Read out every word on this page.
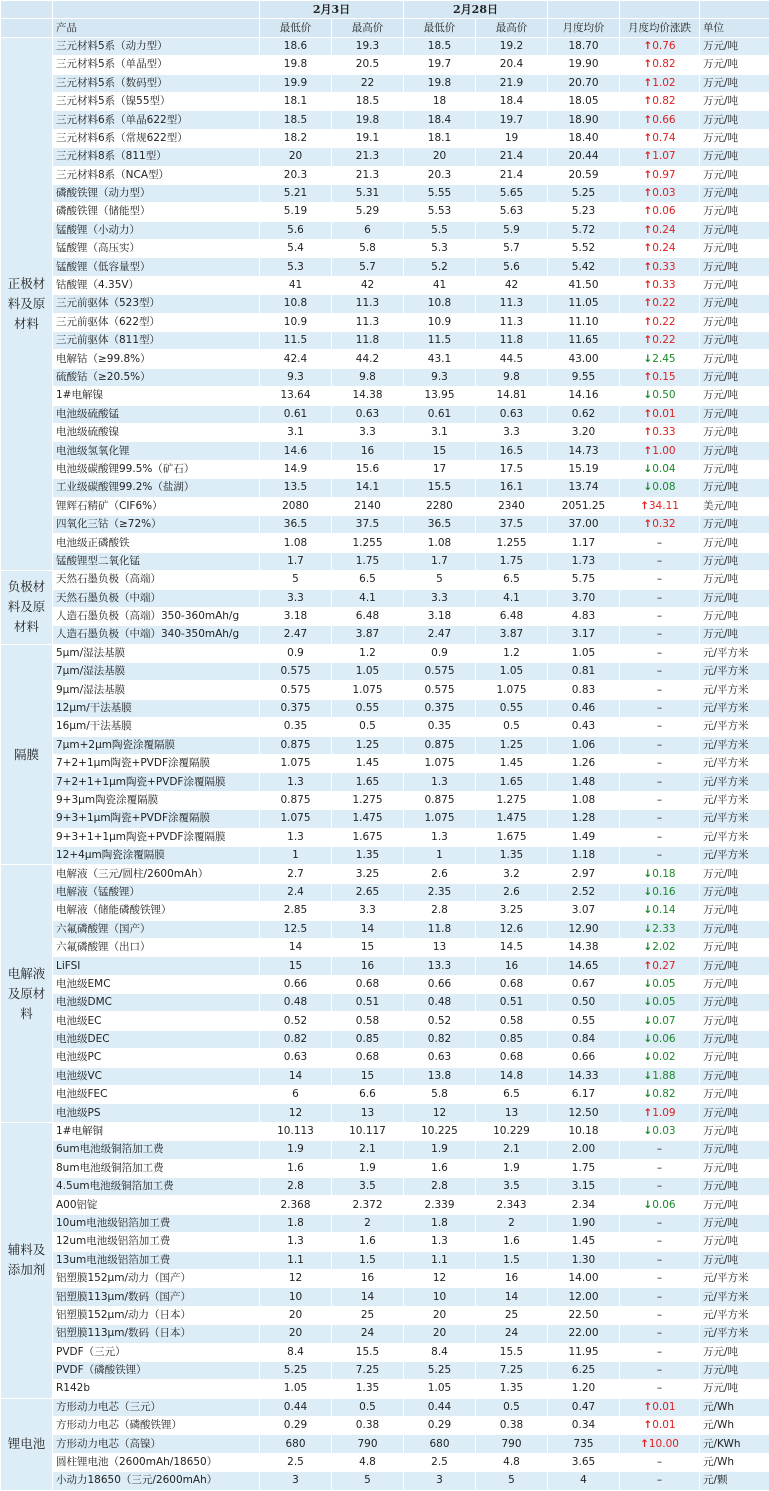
		2月3日		2月28日				
	产品	最低价	最高价	最低价	最高价	月度均价	月度均价涨跌	单位
正极材料及原材料	三元材料5系（动力型）	18.6	19.3	18.5	19.2	18.70	↑0.76	万元/吨
	三元材料5系（单晶型）	19.8	20.5	19.7	20.4	19.90	↑0.82	万元/吨
	三元材料5系（数码型）	19.9	22	19.8	21.9	20.70	↑1.02	万元/吨
	三元材料5系（镍55型）	18.1	18.5	18	18.4	18.05	↑0.82	万元/吨
	三元材料6系（单晶622型）	18.5	19.8	18.4	19.7	18.90	↑0.66	万元/吨
	三元材料6系（常规622型）	18.2	19.1	18.1	19	18.40	↑0.74	万元/吨
	三元材料8系（811型）	20	21.3	20	21.4	20.44	↑1.07	万元/吨
	三元材料8系（NCA型）	20.3	21.3	20.3	21.4	20.59	↑0.97	万元/吨
	磷酸铁锂（动力型）	5.21	5.31	5.55	5.65	5.25	↑0.03	万元/吨
	磷酸铁锂（储能型）	5.19	5.29	5.53	5.63	5.23	↑0.06	万元/吨
	锰酸锂（小动力）	5.6	6	5.5	5.9	5.72	↑0.24	万元/吨
	锰酸锂（高压实）	5.4	5.8	5.3	5.7	5.52	↑0.24	万元/吨
	锰酸锂（低容量型）	5.3	5.7	5.2	5.6	5.42	↑0.33	万元/吨
	钴酸锂（4.35V）	41	42	41	42	41.50	↑0.33	万元/吨
	三元前驱体（523型）	10.8	11.3	10.8	11.3	11.05	↑0.22	万元/吨
	三元前驱体（622型）	10.9	11.3	10.9	11.3	11.10	↑0.22	万元/吨
	三元前驱体（811型）	11.5	11.8	11.5	11.8	11.65	↑0.22	万元/吨
	电解钴（≥99.8%）	42.4	44.2	43.1	44.5	43.00	↓2.45	万元/吨
	硫酸钴（≥20.5%）	9.3	9.8	9.3	9.8	9.55	↑0.15	万元/吨
	1#电解镍	13.64	14.38	13.95	14.81	14.16	↓0.50	万元/吨
	电池级硫酸锰	0.61	0.63	0.61	0.63	0.62	↑0.01	万元/吨
	电池级硫酸镍	3.1	3.3	3.1	3.3	3.20	↑0.33	万元/吨
	电池级氢氧化锂	14.6	16	15	16.5	14.73	↑1.00	万元/吨
	电池级碳酸锂99.5%（矿石）	14.9	15.6	17	17.5	15.19	↓0.04	万元/吨
	工业级碳酸锂99.2%（盐湖）	13.5	14.1	15.5	16.1	13.74	↓0.08	万元/吨
	锂辉石精矿（CIF6%）	2080	2140	2280	2340	2051.25	↑34.11	美元/吨
	四氧化三钴（≥72%）	36.5	37.5	36.5	37.5	37.00	↑0.32	万元/吨
	电池级正磷酸铁	1.08	1.255	1.08	1.255	1.17	–	万元/吨
	锰酸锂型二氧化锰	1.7	1.75	1.7	1.75	1.73	–	万元/吨
负极材料及原材料	天然石墨负极（高端）	5	6.5	5	6.5	5.75	–	万元/吨
	天然石墨负极（中端）	3.3	4.1	3.3	4.1	3.70	–	万元/吨
	人造石墨负极（高端）350-360mAh/g	3.18	6.48	3.18	6.48	4.83	–	万元/吨
	人造石墨负极（中端）340-350mAh/g	2.47	3.87	2.47	3.87	3.17	–	万元/吨
隔膜	5μm/湿法基膜	0.9	1.2	0.9	1.2	1.05	–	元/平方米
	7μm/湿法基膜	0.575	1.05	0.575	1.05	0.81	–	元/平方米
	9μm/湿法基膜	0.575	1.075	0.575	1.075	0.83	–	元/平方米
	12μm/干法基膜	0.375	0.55	0.375	0.55	0.46	–	元/平方米
	16μm/干法基膜	0.35	0.5	0.35	0.5	0.43	–	元/平方米
	7μm+2μm陶瓷涂覆隔膜	0.875	1.25	0.875	1.25	1.06	–	元/平方米
	7+2+1μm陶瓷+PVDF涂覆隔膜	1.075	1.45	1.075	1.45	1.26	–	元/平方米
	7+2+1+1μm陶瓷+PVDF涂覆隔膜	1.3	1.65	1.3	1.65	1.48	–	元/平方米
	9+3μm陶瓷涂覆隔膜	0.875	1.275	0.875	1.275	1.08	–	元/平方米
	9+3+1μm陶瓷+PVDF涂覆隔膜	1.075	1.475	1.075	1.475	1.28	–	元/平方米
	9+3+1+1μm陶瓷+PVDF涂覆隔膜	1.3	1.675	1.3	1.675	1.49	–	元/平方米
	12+4μm陶瓷涂覆隔膜	1	1.35	1	1.35	1.18	–	元/平方米
电解液及原材料	电解液（三元/圆柱/2600mAh）	2.7	3.25	2.6	3.2	2.97	↓0.18	万元/吨
	电解液（锰酸锂）	2.4	2.65	2.35	2.6	2.52	↓0.16	万元/吨
	电解液（储能磷酸铁锂）	2.85	3.3	2.8	3.25	3.07	↓0.14	万元/吨
	六氟磷酸锂（国产）	12.5	14	11.8	12.6	12.90	↓2.33	万元/吨
	六氟磷酸锂（出口）	14	15	13	14.5	14.38	↓2.02	万元/吨
	LiFSI	15	16	13.3	16	14.65	↑0.27	万元/吨
	电池级EMC	0.66	0.68	0.66	0.68	0.67	↓0.05	万元/吨
	电池级DMC	0.48	0.51	0.48	0.51	0.50	↓0.05	万元/吨
	电池级EC	0.52	0.58	0.52	0.58	0.55	↓0.07	万元/吨
	电池级DEC	0.82	0.85	0.82	0.85	0.84	↓0.06	万元/吨
	电池级PC	0.63	0.68	0.63	0.68	0.66	↓0.02	万元/吨
	电池级VC	14	15	13.8	14.8	14.33	↓1.88	万元/吨
	电池级FEC	6	6.6	5.8	6.5	6.17	↓0.82	万元/吨
	电池级PS	12	13	12	13	12.50	↑1.09	万元/吨
辅料及添加剂	1#电解铜	10.113	10.117	10.225	10.229	10.18	↓0.03	万元/吨
	6um电池级铜箔加工费	1.9	2.1	1.9	2.1	2.00	–	万元/吨
	8um电池级铜箔加工费	1.6	1.9	1.6	1.9	1.75	–	万元/吨
	4.5um电池级铜箔加工费	2.8	3.5	2.8	3.5	3.15	–	万元/吨
	A00铝锭	2.368	2.372	2.339	2.343	2.34	↓0.06	万元/吨
	10um电池级铝箔加工费	1.8	2	1.8	2	1.90	–	万元/吨
	12um电池级铝箔加工费	1.3	1.6	1.3	1.6	1.45	–	万元/吨
	13um电池级铝箔加工费	1.1	1.5	1.1	1.5	1.30	–	万元/吨
	铝塑膜152μm/动力（国产）	12	16	12	16	14.00	–	元/平方米
	铝塑膜113μm/数码（国产）	10	14	10	14	12.00	–	元/平方米
	铝塑膜152μm/动力（日本）	20	25	20	25	22.50	–	元/平方米
	铝塑膜113μm/数码（日本）	20	24	20	24	22.00	–	元/平方米
	PVDF（三元）	8.4	15.5	8.4	15.5	11.95	–	万元/吨
	PVDF（磷酸铁锂）	5.25	7.25	5.25	7.25	6.25	–	万元/吨
	R142b	1.05	1.35	1.05	1.35	1.20	–	万元/吨
锂电池	方形动力电芯（三元）	0.44	0.5	0.44	0.5	0.47	↑0.01	元/Wh
	方形动力电芯（磷酸铁锂）	0.29	0.38	0.29	0.38	0.34	↑0.01	元/Wh
	方形动力电芯（高镍）	680	790	680	790	735	↑10.00	元/KWh
	圆柱锂电池（2600mAh/18650）	2.5	4.8	2.5	4.8	3.65	–	元/Wh
	小动力18650（三元/2600mAh）	3	5	3	5	4	–	元/颗
